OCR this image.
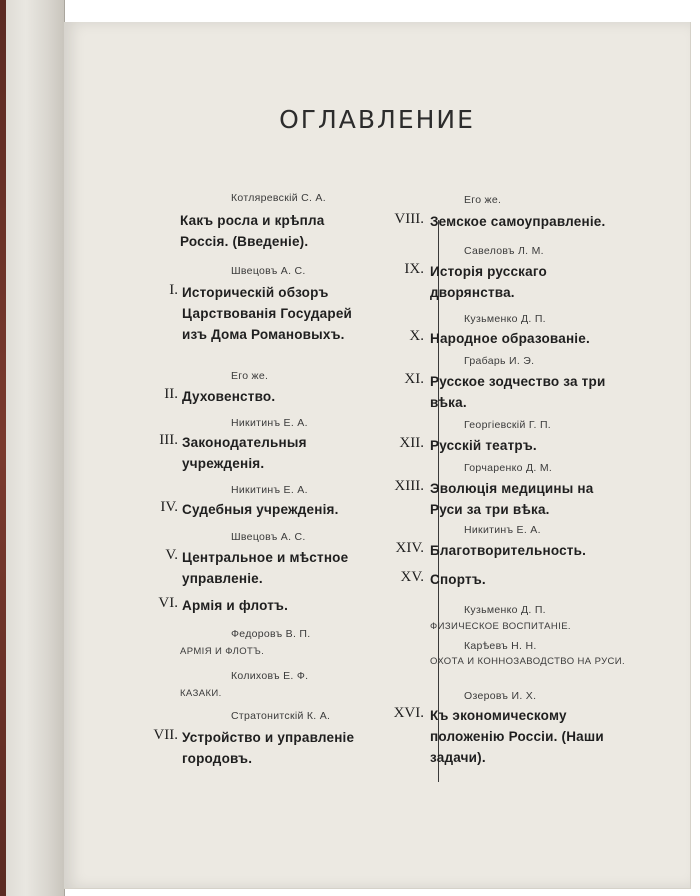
ОГЛАВЛЕНИЕ
Котляревскій С. А.
Какъ росла и крѣпла Россія. (Введеніе).
Швецовъ А. С.
I. Историческій обзоръ Царствованія Государей изъ Дома Романовыхъ.
Его же.
II. Духовенство.
Никитинъ Е. А.
III. Законодательныя учрежденія.
Никитинъ Е. А.
IV. Судебныя учрежденія.
Швецовъ А. С.
V. Центральное и мѣстное управленіе.
VI. Армія и флотъ.
Федоровъ В. П.
АРМІЯ И ФЛОТЪ.
Колиховъ Е. Ф.
КАЗАКИ.
Стратонитскій К. А.
VII. Устройство и управленіе городовъ.
Его же.
VIII. Земское самоуправленіе.
Савеловъ Л. М.
IX. Исторія русскаго дворянства.
Кузьменко Д. П.
X. Народное образованіе.
Грабарь И. Э.
XI. Русское зодчество за три вѣка.
Георгіевскій Г. П.
XII. Русскій театръ.
Горчаренко Д. М.
XIII. Эволюція медицины на Руси за три вѣка.
Никитинъ Е. А.
XIV. Благотворительность.
XV. Спортъ.
Кузьменко Д. П.
ФИЗИЧЕСКОЕ ВОСПИТАНІЕ.
Карѣевъ Н. Н.
ОХОТА И КОННОЗАВОДСТВО НА РУСИ.
Озеровъ И. Х.
XVI. Къ экономическому положенію Россіи. (Наши задачи).
